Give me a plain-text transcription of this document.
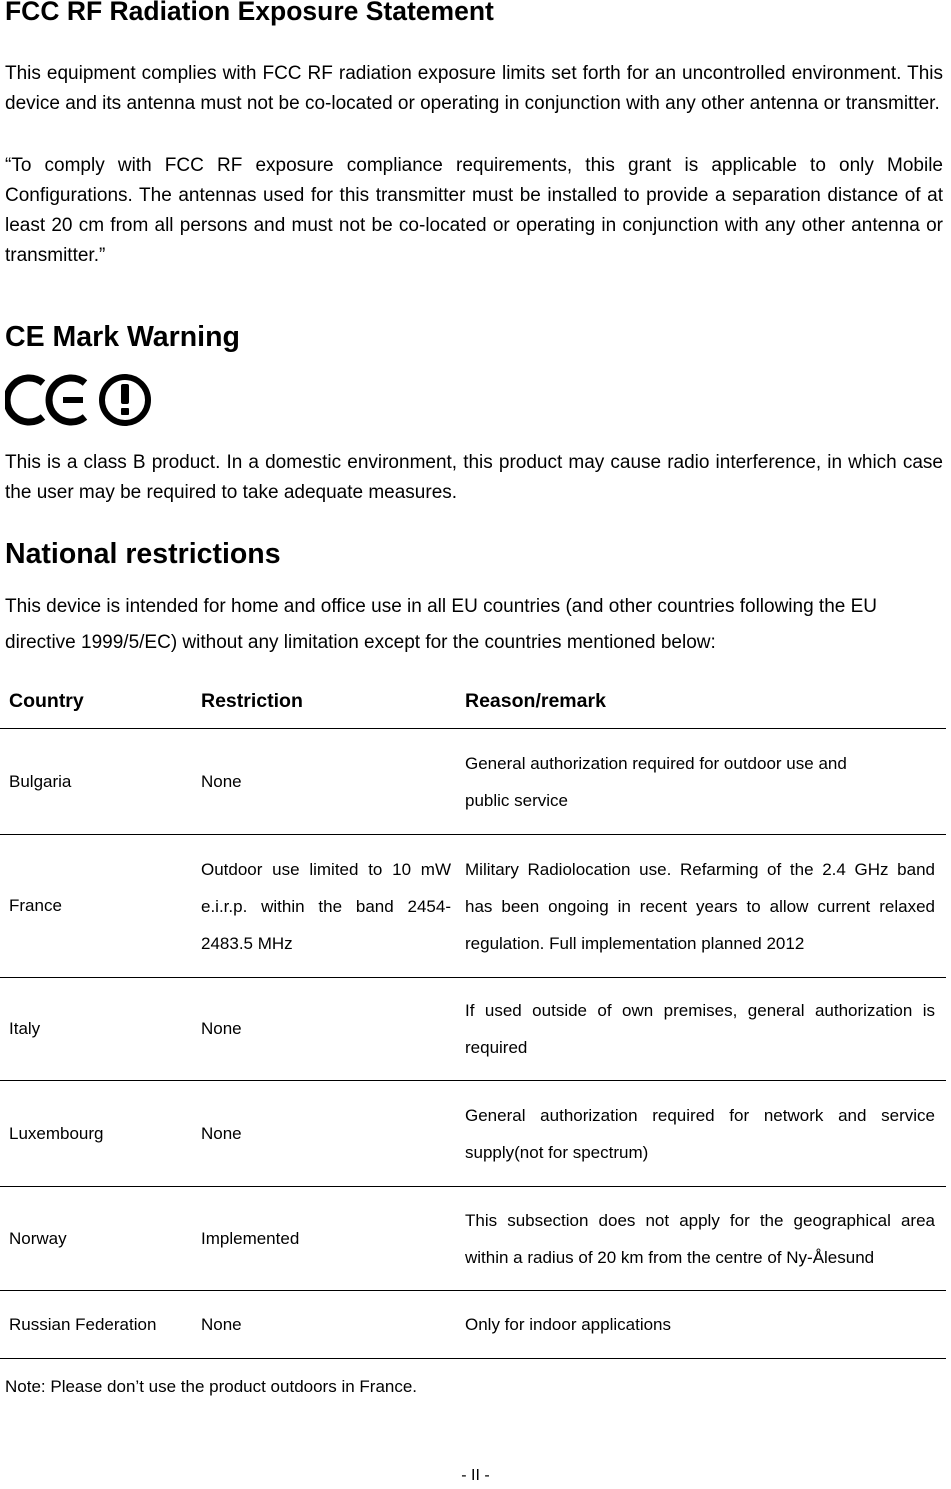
FCC RF Radiation Exposure Statement

This equipment complies with FCC RF radiation exposure limits set forth for an uncontrolled environment. This device and its antenna must not be co-located or operating in conjunction with any other antenna or transmitter.

“To comply with FCC RF exposure compliance requirements, this grant is applicable to only Mobile Configurations. The antennas used for this transmitter must be installed to provide a separation distance of at least 20 cm from all persons and must not be co-located or operating in conjunction with any other antenna or transmitter.”

CE Mark Warning

This is a class B product. In a domestic environment, this product may cause radio interference, in which case the user may be required to take adequate measures.

National restrictions

This device is intended for home and office use in all EU countries (and other countries following the EU directive 1999/5/EC) without any limitation except for the countries mentioned below:

Country	Restriction	Reason/remark
Bulgaria	None	General authorization required for outdoor use and public service

France	Outdoor use limited to 10 mW e.i.r.p. within the band 2454-2483.5 MHz	Military Radiolocation use. Refarming of the 2.4 GHz band has been ongoing in recent years to allow current relaxed regulation. Full implementation planned 2012

Italy	None	If used outside of own premises, general authorization is required

Luxembourg	None	General authorization required for network and service supply(not for spectrum)

Norway	Implemented	This subsection does not apply for the geographical area within a radius of 20 km from the centre of Ny-Ålesund

Russian Federation	None	Only for indoor applications
Note: Please don’t use the product outdoors in France.
- II -
